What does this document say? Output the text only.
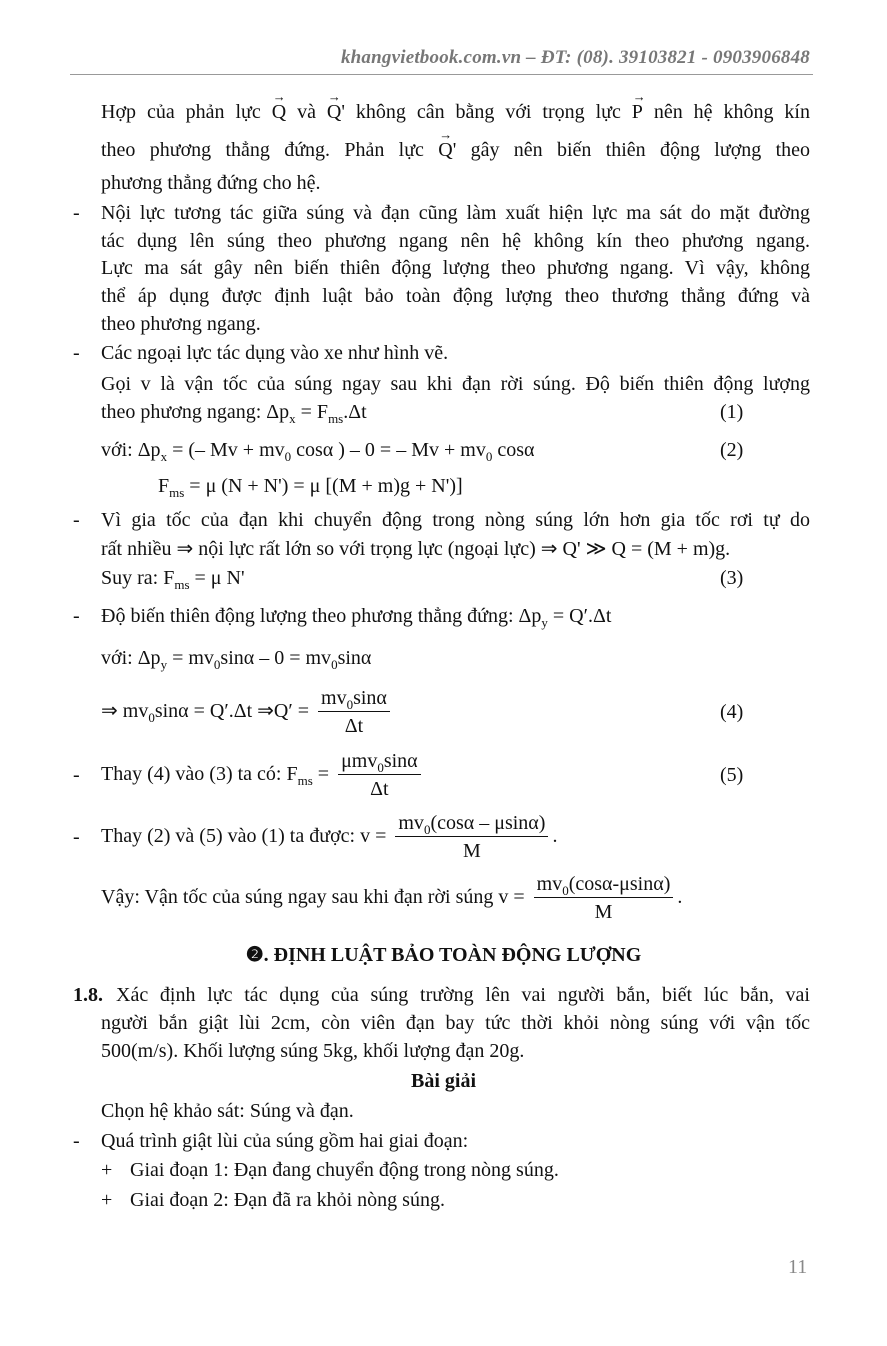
khangvietbook.com.vn – ĐT: (08). 39103821 - 0903906848
Hợp của phản lực → Q và → Q' không cân bằng với trọng lực → P nên hệ không kín
theo phương thẳng đứng. Phản lực → Q' gây nên biến thiên động lượng theo
phương thẳng đứng cho hệ.
- Nội lực tương tác giữa súng và đạn cũng làm xuất hiện lực ma sát do mặt đường
tác dụng lên súng theo phương ngang nên hệ không kín theo phương ngang.
Lực ma sát gây nên biến thiên động lượng theo phương ngang. Vì vậy, không
thể áp dụng được định luật bảo toàn động lượng theo thương thẳng đứng và
theo phương ngang.
- Các ngoại lực tác dụng vào xe như hình vẽ.
Gọi v là vận tốc của súng ngay sau khi đạn rời súng. Độ biến thiên động lượng
theo phương ngang: $\Delta p_x = F_{ms}.\Delta t$	(1)
với: $\Delta p_x$ = (– $Mv + mv_0$ cosα ) – 0 = – $Mv + mv_0$ cosα	(2)
$F_{ms} = \mu$ (N + N') = μ [(M + m)g + N')]
- Vì gia tốc của đạn khi chuyển động trong nòng súng lớn hơn gia tốc rơi tự do
rất nhiều ⇒ nội lực rất lớn so với trọng lực (ngoại lực) ⇒ Q' ≫ Q = (M + m)g.
Suy ra: $F_{ms} = \mu$ N'	(3)
- Độ biến thiên động lượng theo phương thẳng đứng: $\Delta p_y = Q'.\Delta t$
với: $\Delta p_y = mv_0\sin\alpha - 0 = mv_0\sin\alpha$
⇒ $mv_0\sin\alpha = Q'.\Delta t$ ⇒Q′ = $\frac{mv_0\sin\alpha}{\Delta t}$	(4)
- Thay (4) vào (3) ta có: $F_{ms}$ =
μmv$_0$sinα
Δt
(5)
- Thay (2) và (5) vào (1) ta được: $v = \frac{mv_0(\cos\alpha - \mu\sin\alpha)}{M}$ .
Vậy: Vận tốc của súng ngay sau khi đạn rời súng $v = \frac{mv_0(\cos\alpha-\mu\sin\alpha)}{M}$ .
❷. ĐỊNH LUẬT BẢO TOÀN ĐỘNG LƯỢNG
1.8. Xác định lực tác dụng của súng trường lên vai người bắn, biết lúc bắn, vai
người bắn giật lùi 2cm, còn viên đạn bay tức thời khỏi nòng súng với vận tốc
500(m/s). Khối lượng súng 5kg, khối lượng đạn 20g.
Bài giải
Chọn hệ khảo sát: Súng và đạn.
- Quá trình giật lùi của súng gồm hai giai đoạn:
+ Giai đoạn 1: Đạn đang chuyển động trong nòng súng.
+ Giai đoạn 2: Đạn đã ra khỏi nòng súng.
11
